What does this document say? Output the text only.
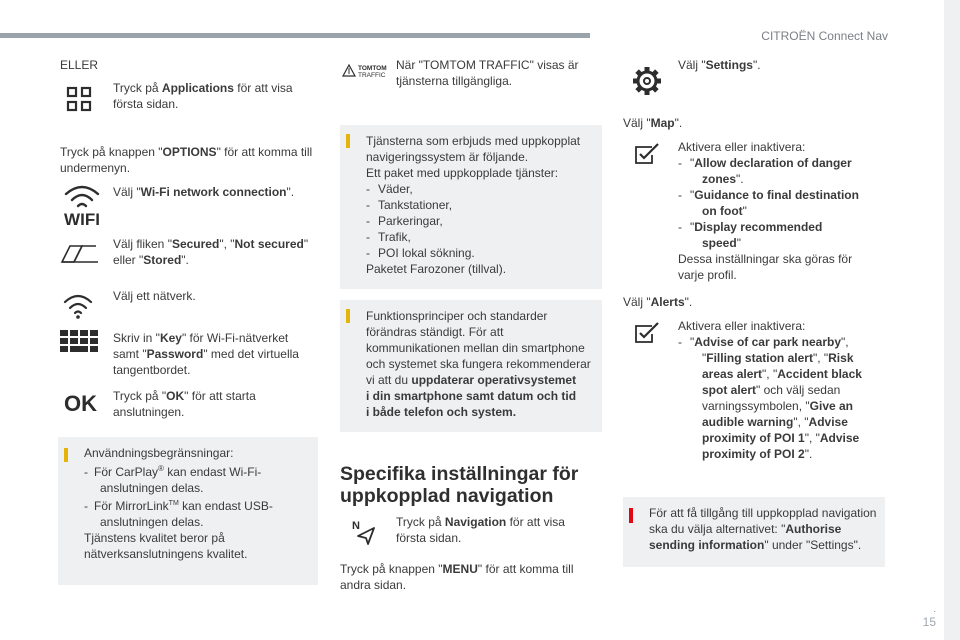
CITROËN Connect Nav
.
15
ELLER
Tryck på Applications för att visa
första sidan.
Tryck på knappen "OPTIONS" för att komma till
undermenyn.
WIFI
Välj "Wi-Fi network connection".
Välj fliken "Secured", "Not secured"
eller "Stored".
Välj ett nätverk.
Skriv in "Key" för Wi-Fi-nätverket
samt "Password" med det virtuella
tangentbordet.
OK Tryck på "OK" för att starta
anslutningen.
Användningsbegränsningar:
- För CarPlay® kan endast Wi-Fi-
anslutningen delas.
- För MirrorLink™ kan endast USB-
anslutningen delas.
Tjänstens kvalitet beror på
nätverksanslutningens kvalitet.
TOMTOM
TRAFFIC
När "TOMTOM TRAFFIC" visas är
tjänsterna tillgängliga.
Tjänsterna som erbjuds med uppkopplat
navigeringssystem är följande.
Ett paket med uppkopplade tjänster:
- Väder,
- Tankstationer,
- Parkeringar,
- Trafik,
- POI lokal sökning.
Paketet Farozoner (tillval).
Funktionsprinciper och standarder
förändras ständigt. För att
kommunikationen mellan din smartphone
och systemet ska fungera rekommenderar
vi att du uppdaterar operativsystemet
i din smartphone samt datum och tid
i både telefon och system.
Specifika inställningar för
uppkopplad navigation
N	Tryck på Navigation för att visa
första sidan.
Tryck på knappen "MENU" för att komma till
andra sidan.
Välj "Settings".
Välj "Map".
Aktivera eller inaktivera:
- "Allow declaration of danger
zones".
- "Guidance to final destination
on foot"
- "Display recommended
speed"
Dessa inställningar ska göras för
varje profil.
Välj "Alerts".
Aktivera eller inaktivera:
- "Advise of car park nearby",
"Filling station alert", "Risk
areas alert", "Accident black
spot alert" och välj sedan
varningssymbolen, "Give an
audible warning", "Advise
proximity of POI 1", "Advise
proximity of POI 2".
För att få tillgång till uppkopplad navigation
ska du välja alternativet: "Authorise
sending information" under "Settings".
